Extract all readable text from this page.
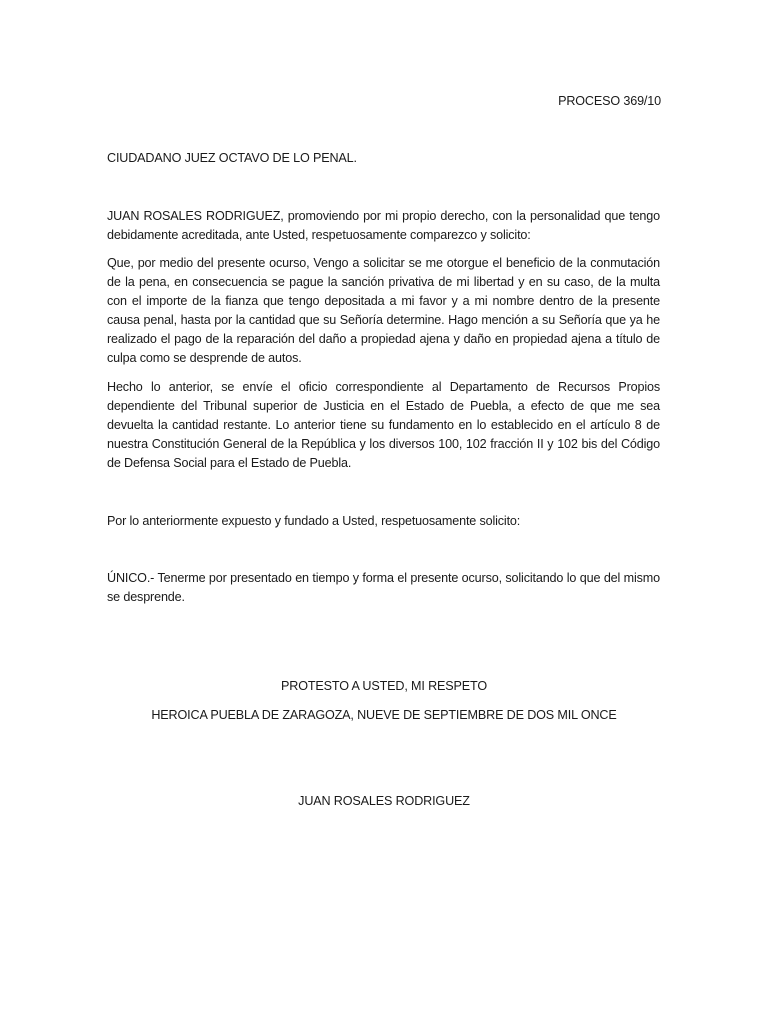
PROCESO 369/10

CIUDADANO JUEZ OCTAVO DE LO PENAL.

JUAN ROSALES RODRIGUEZ, promoviendo por mi propio derecho, con la personalidad que tengo debidamente acreditada, ante Usted, respetuosamente comparezco y solicito:

Que, por medio del presente ocurso, Vengo a solicitar se me otorgue el beneficio de la conmutación de la pena, en consecuencia se pague la sanción privativa de mi libertad y en su caso, de la multa con el importe de la fianza que tengo depositada a mi favor y a mi nombre dentro de la presente causa penal, hasta por la cantidad que su Señoría determine. Hago mención a su Señoría que ya he realizado el pago de la reparación del daño a propiedad ajena y daño en propiedad ajena a título de culpa como se desprende de autos.

Hecho lo anterior, se envíe el oficio correspondiente al Departamento de Recursos Propios dependiente del Tribunal superior de Justicia en el Estado de Puebla, a efecto de que me sea devuelta la cantidad restante. Lo anterior tiene su fundamento en lo establecido en el artículo 8 de nuestra Constitución General de la República y los diversos 100, 102 fracción II y 102 bis del Código de Defensa Social para el Estado de Puebla.

Por lo anteriormente expuesto y fundado a Usted, respetuosamente solicito:

ÚNICO.- Tenerme por presentado en tiempo y forma el presente ocurso, solicitando lo que del mismo se desprende.

PROTESTO A USTED, MI RESPETO

HEROICA PUEBLA DE ZARAGOZA, NUEVE DE SEPTIEMBRE DE DOS MIL ONCE

JUAN ROSALES RODRIGUEZ
